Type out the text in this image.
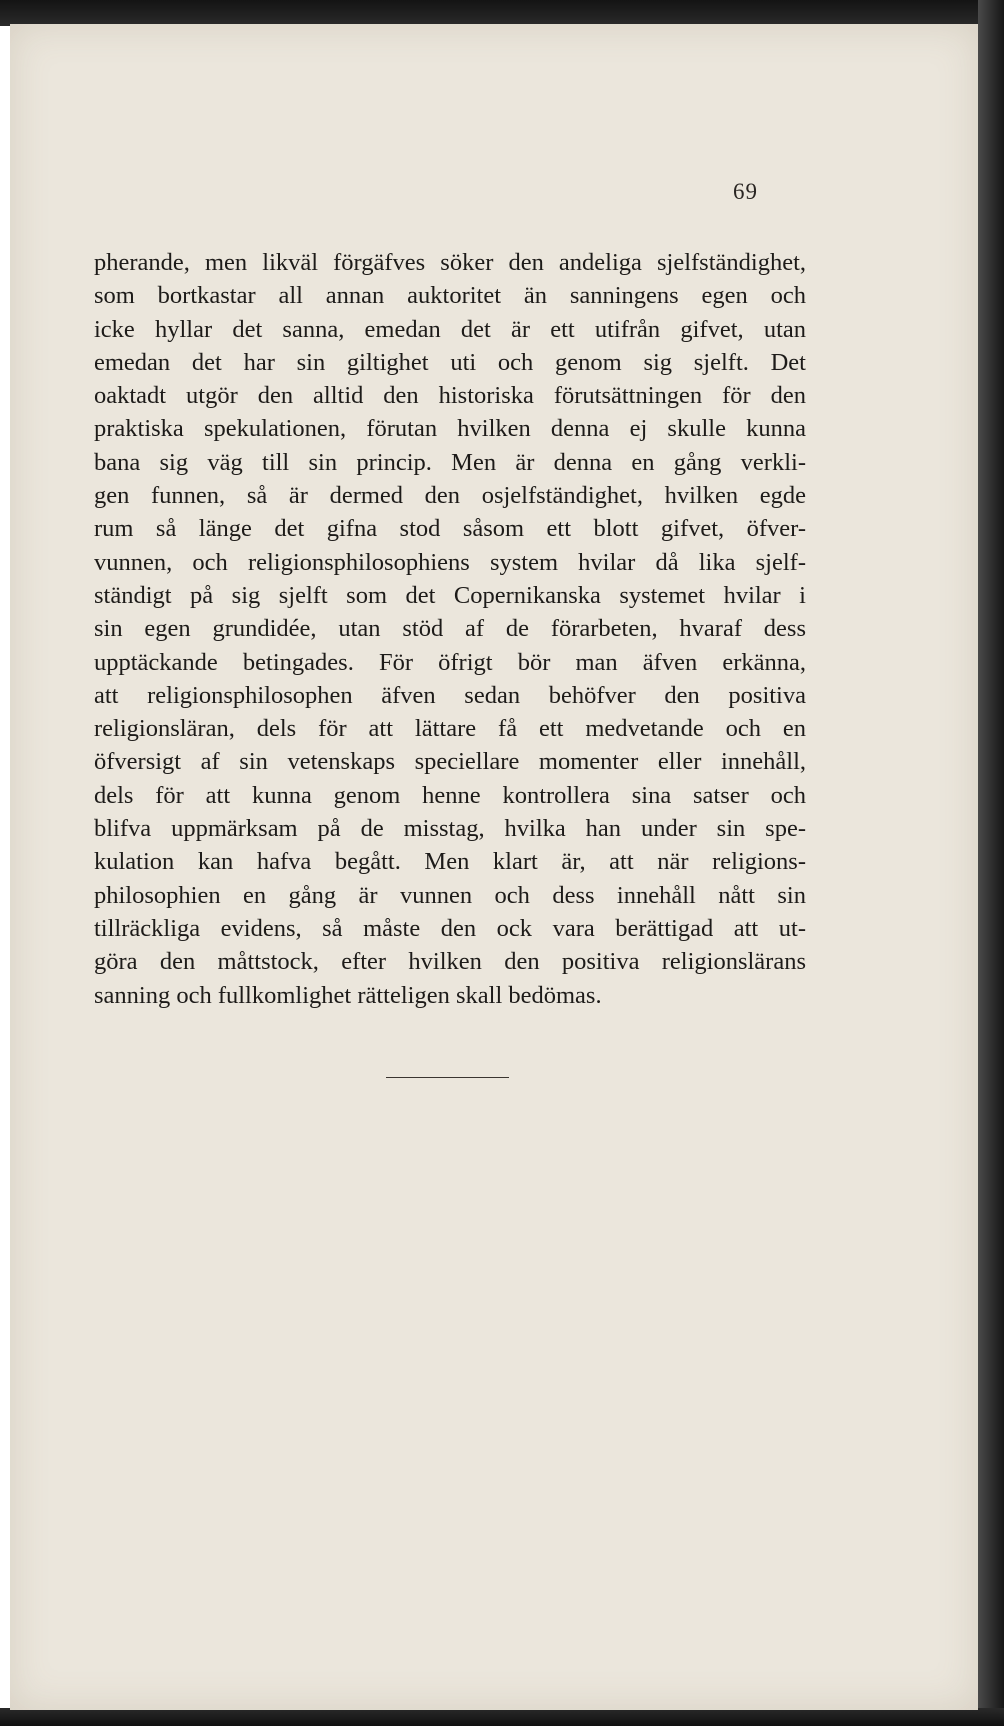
69
pherande, men likväl förgäfves söker den andeliga sjelfständighet,
som bortkastar all annan auktoritet än sanningens egen och
icke hyllar det sanna, emedan det är ett utifrån gifvet, utan
emedan det har sin giltighet uti och genom sig sjelft. Det
oaktadt utgör den alltid den historiska förutsättningen för den
praktiska spekulationen, förutan hvilken denna ej skulle kunna
bana sig väg till sin princip. Men är denna en gång verkli-
gen funnen, så är dermed den osjelfständighet, hvilken egde
rum så länge det gifna stod såsom ett blott gifvet, öfver-
vunnen, och religionsphilosophiens system hvilar då lika sjelf-
ständigt på sig sjelft som det Copernikanska systemet hvilar i
sin egen grundidée, utan stöd af de förarbeten, hvaraf dess
upptäckande betingades. För öfrigt bör man äfven erkänna,
att religionsphilosophen äfven sedan behöfver den positiva
religionsläran, dels för att lättare få ett medvetande och en
öfversigt af sin vetenskaps speciellare momenter eller innehåll,
dels för att kunna genom henne kontrollera sina satser och
blifva uppmärksam på de misstag, hvilka han under sin spe-
kulation kan hafva begått. Men klart är, att när religions-
philosophien en gång är vunnen och dess innehåll nått sin
tillräckliga evidens, så måste den ock vara berättigad att ut-
göra den måttstock, efter hvilken den positiva religionslärans
sanning och fullkomlighet rätteligen skall bedömas.
